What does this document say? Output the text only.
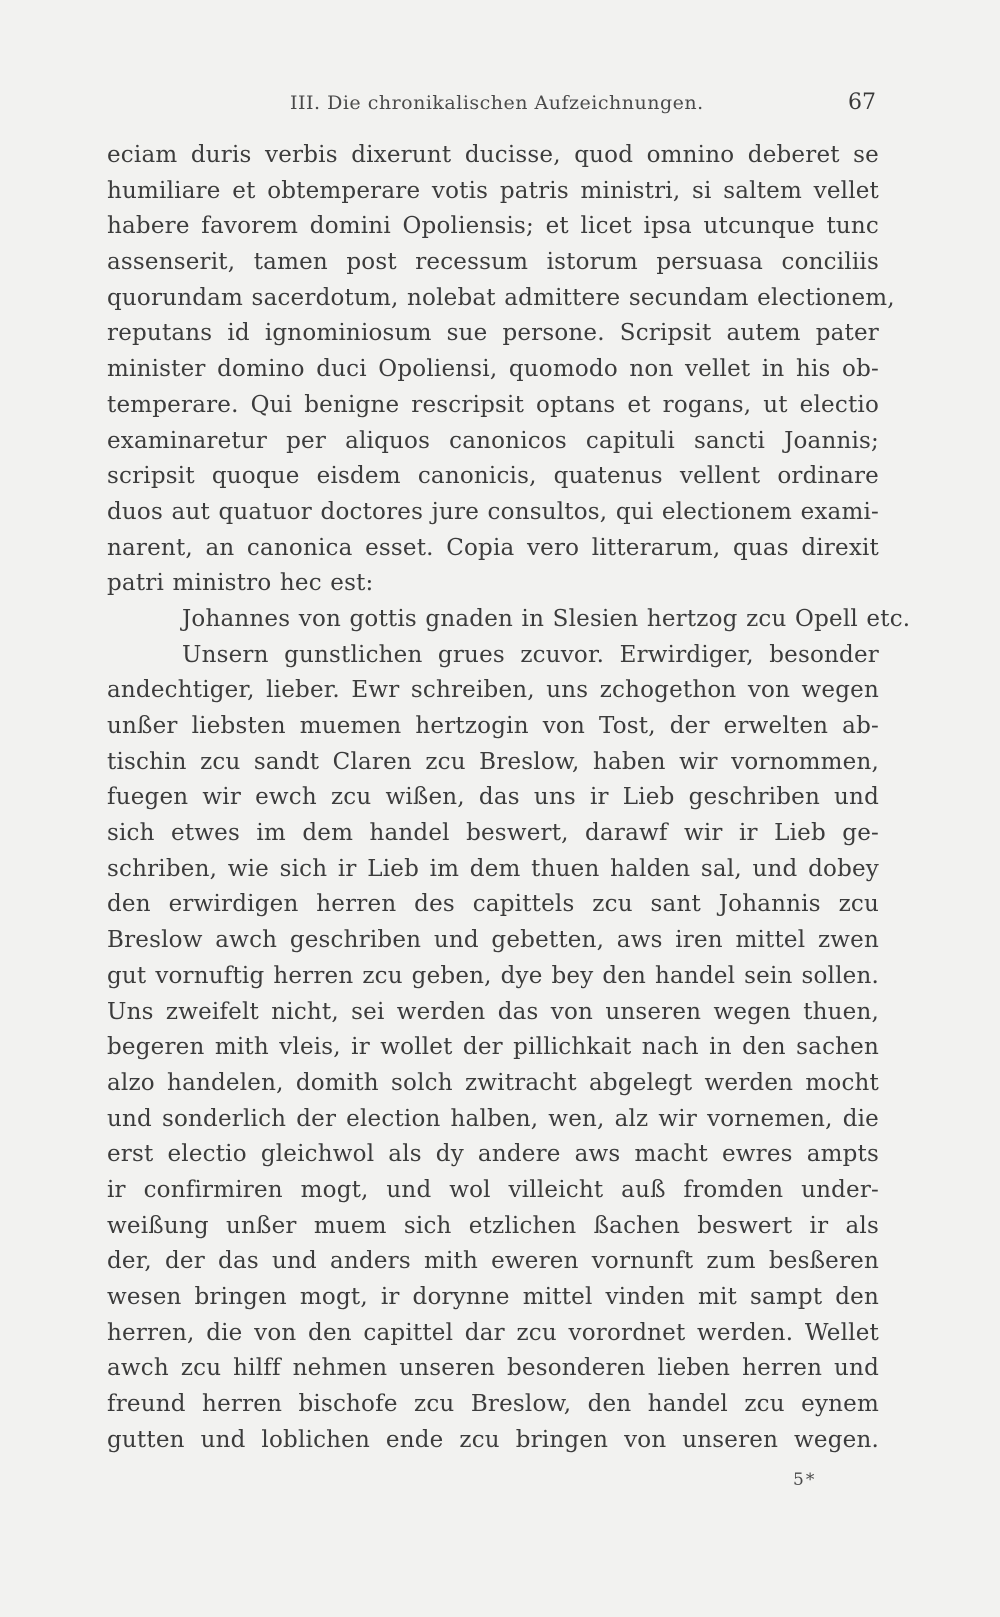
III. Die chronikalischen Aufzeichnungen.	67
eciam duris verbis dixerunt ducisse, quod omnino deberet se
humiliare et obtemperare votis patris ministri, si saltem vellet
habere favorem domini Opoliensis; et licet ipsa utcunque tunc
assenserit, tamen post recessum istorum persuasa conciliis
quorundam sacerdotum, nolebat admittere secundam electionem,
reputans id ignominiosum sue persone. Scripsit autem pater
minister domino duci Opoliensi, quomodo non vellet in his ob-
temperare. Qui benigne rescripsit optans et rogans, ut electio
examinaretur per aliquos canonicos capituli sancti Joannis;
scripsit quoque eisdem canonicis, quatenus vellent ordinare
duos aut quatuor doctores jure consultos, qui electionem exami-
narent, an canonica esset. Copia vero litterarum, quas direxit
patri ministro hec est:
Johannes von gottis gnaden in Slesien hertzog zcu Opell etc.
Unsern gunstlichen grues zcuvor. Erwirdiger, besonder
andechtiger, lieber. Ewr schreiben, uns zchogethon von wegen
unßer liebsten muemen hertzogin von Tost, der erwelten ab-
tischin zcu sandt Claren zcu Breslow, haben wir vornommen,
fuegen wir ewch zcu wißen, das uns ir Lieb geschriben und
sich etwes im dem handel beswert, darawf wir ir Lieb ge-
schriben, wie sich ir Lieb im dem thuen halden sal, und dobey
den erwirdigen herren des capittels zcu sant Johannis zcu
Breslow awch geschriben und gebetten, aws iren mittel zwen
gut vornuftig herren zcu geben, dye bey den handel sein sollen.
Uns zweifelt nicht, sei werden das von unseren wegen thuen,
begeren mith vleis, ir wollet der pillichkait nach in den sachen
alzo handelen, domith solch zwitracht abgelegt werden mocht
und sonderlich der election halben, wen, alz wir vornemen, die
erst electio gleichwol als dy andere aws macht ewres ampts
ir confirmiren mogt, und wol villeicht auß fromden under-
weißung unßer muem sich etzlichen ßachen beswert ir als
der, der das und anders mith eweren vornunft zum besßeren
wesen bringen mogt, ir dorynne mittel vinden mit sampt den
herren, die von den capittel dar zcu vorordnet werden. Wellet
awch zcu hilff nehmen unseren besonderen lieben herren und
freund herren bischofe zcu Breslow, den handel zcu eynem
gutten und loblichen ende zcu bringen von unseren wegen.
5*
